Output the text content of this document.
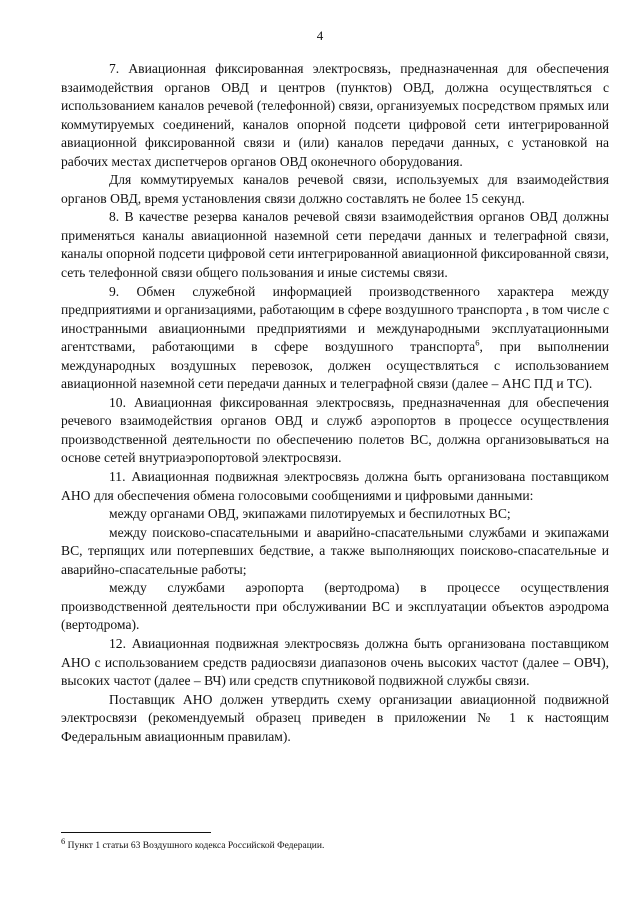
4

7. Авиационная фиксированная электросвязь, предназначенная для обеспечения взаимодействия органов ОВД и центров (пунктов) ОВД, должна осуществляться с использованием каналов речевой (телефонной) связи, организуемых посредством прямых или коммутируемых соединений, каналов опорной подсети цифровой сети интегрированной авиационной фиксированной связи и (или) каналов передачи данных, с установкой на рабочих местах диспетчеров органов ОВД оконечного оборудования.

Для коммутируемых каналов речевой связи, используемых для взаимодействия органов ОВД, время установления связи должно составлять не более 15 секунд.

8. В качестве резерва каналов речевой связи взаимодействия органов ОВД должны применяться каналы авиационной наземной сети передачи данных и телеграфной связи, каналы опорной подсети цифровой сети интегрированной авиационной фиксированной связи, сеть телефонной связи общего пользования и иные системы связи.

9. Обмен служебной информацией производственного характера между предприятиями и организациями, работающим в сфере воздушного транспорта , в том числе с иностранными авиационными предприятиями и международными эксплуатационными агентствами, работающими в сфере воздушного транспорта$^6$, при выполнении международных воздушных перевозок, должен осуществляться с использованием авиационной наземной сети передачи данных и телеграфной связи (далее – АНС ПД и ТС).

10. Авиационная фиксированная электросвязь, предназначенная для обеспечения речевого взаимодействия органов ОВД и служб аэропортов в процессе осуществления производственной деятельности по обеспечению полетов ВС, должна организовываться на основе сетей внутриаэропортовой электросвязи.

11. Авиационная подвижная электросвязь должна быть организована поставщиком АНО для обеспечения обмена голосовыми сообщениями и цифровыми данными:

между органами ОВД, экипажами пилотируемых и беспилотных ВС;

между поисково-спасательными и аварийно-спасательными службами и экипажами ВС, терпящих или потерпевших бедствие, а также выполняющих поисково-спасательные и аварийно-спасательные работы;

между службами аэропорта (вертодрома) в процессе осуществления производственной деятельности при обслуживании ВС и эксплуатации объектов аэродрома (вертодрома).

12. Авиационная подвижная электросвязь должна быть организована поставщиком АНО с использованием средств радиосвязи диапазонов очень высоких частот (далее – ОВЧ), высоких частот (далее – ВЧ) или средств спутниковой подвижной службы связи.

Поставщик АНО должен утвердить схему организации авиационной подвижной электросвязи (рекомендуемый образец приведен в приложении № 1 к настоящим Федеральным авиационным правилам).

$^6$ Пункт 1 статьи 63 Воздушного кодекса Российской Федерации.
